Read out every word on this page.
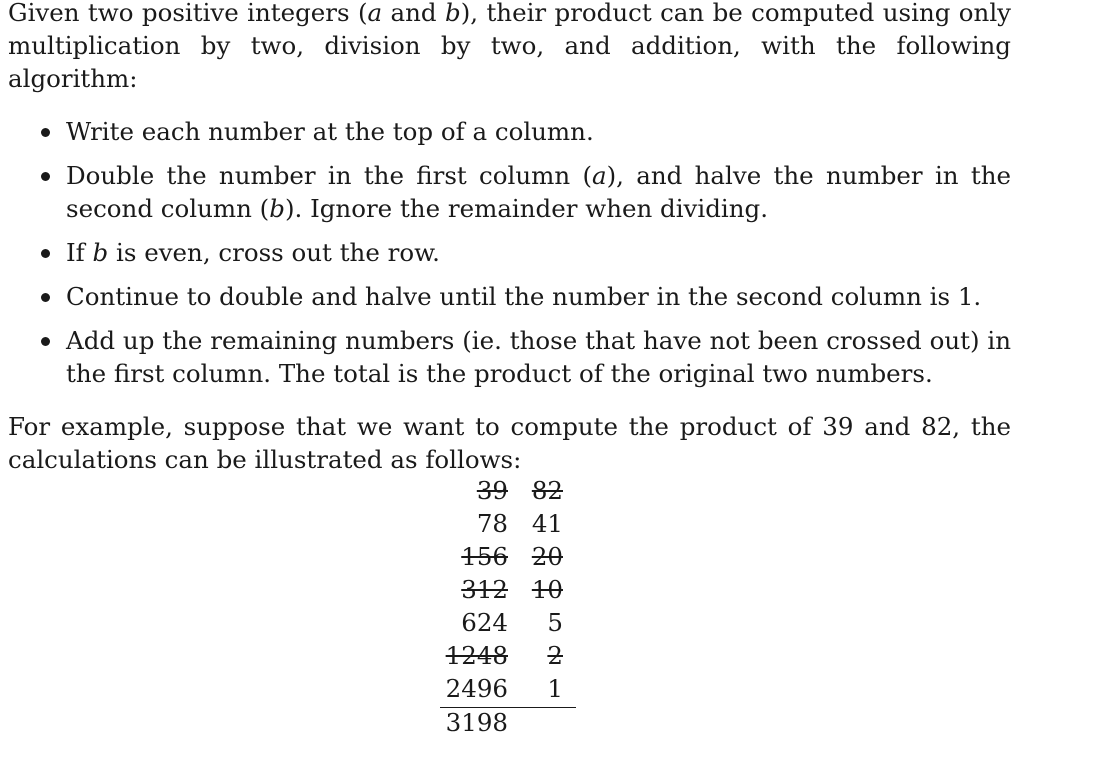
Given two positive integers (a and b), their product can be computed using only multiplication by two, division by two, and addition, with the following algorithm:

Write each number at the top of a column.
Double the number in the first column (a), and halve the number in the second column (b). Ignore the remainder when dividing.
If b is even, cross out the row.
Continue to double and halve until the number in the second column is 1.
Add up the remaining numbers (ie. those that have not been crossed out) in the first column. The total is the product of the original two numbers.

For example, suppose that we want to compute the product of 39 and 82, the calculations can be illustrated as follows:

39 82
78 41
156 20
312 10
624	5
1248	2
2496	1
3198
